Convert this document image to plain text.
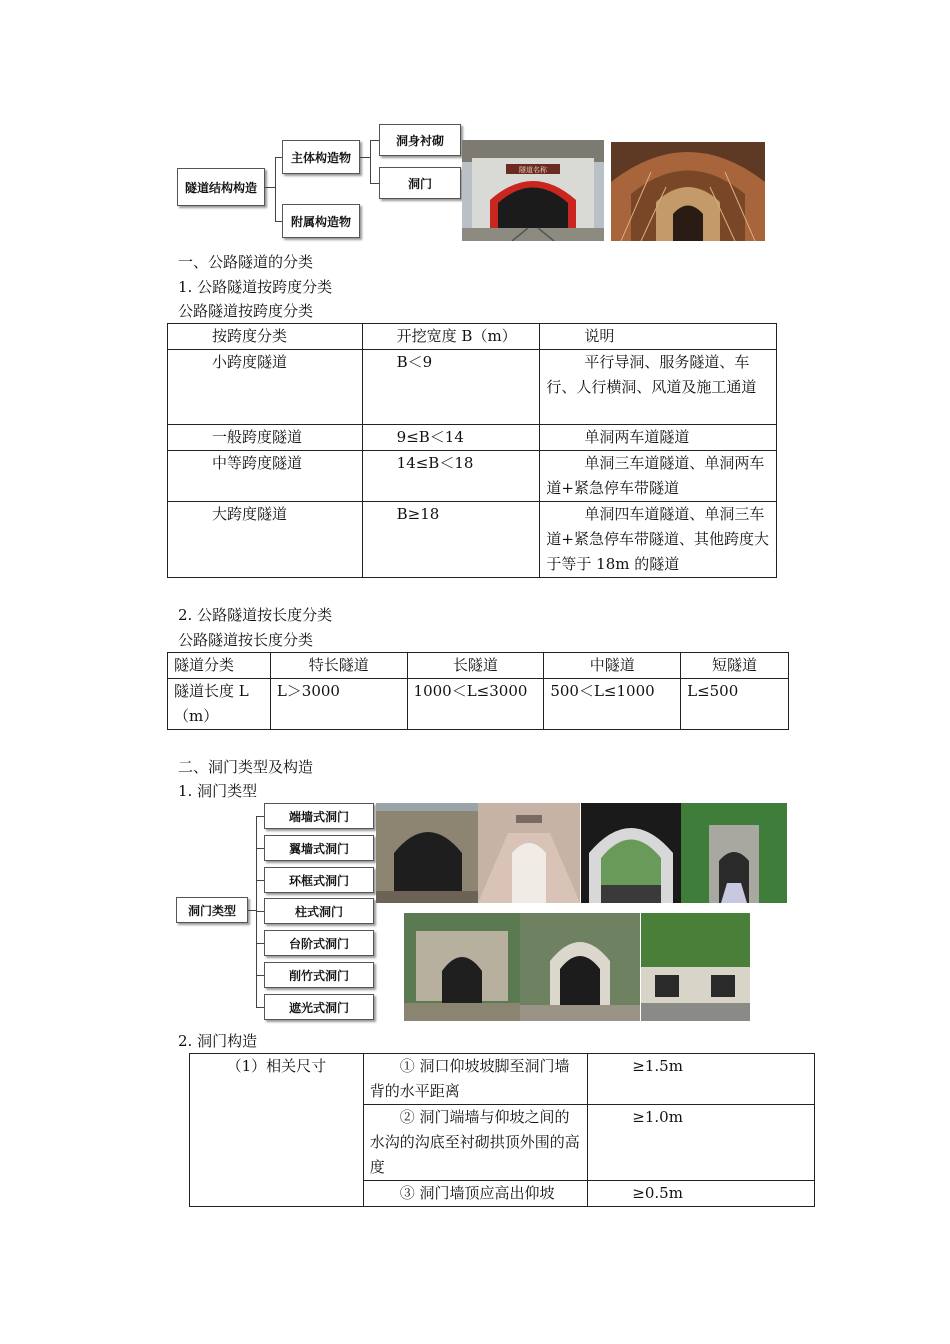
隧道结构构造
主体构造物
附属构造物
洞身衬砌
洞门
隧道名称
一、公路隧道的分类
1. 公路隧道按跨度分类
公路隧道按跨度分类
按跨度分类	开挖宽度 B（m）	说明
小跨度隧道	B＜9	平行导洞、服务隧道、车行、人行横洞、风道及施工通道
一般跨度隧道	9≤B＜14	单洞两车道隧道
中等跨度隧道	14≤B＜18	单洞三车道隧道、单洞两车道+紧急停车带隧道
大跨度隧道	B≥18	单洞四车道隧道、单洞三车道+紧急停车带隧道、其他跨度大于等于 18m 的隧道
2. 公路隧道按长度分类
公路隧道按长度分类
隧道分类	特长隧道	长隧道	中隧道	短隧道
隧道长度 L（m）	L＞3000	1000＜L≤3000	500＜L≤1000	L≤500
二、洞门类型及构造
1. 洞门类型
洞门类型
端墙式洞门
翼墙式洞门
环框式洞门
柱式洞门
台阶式洞门
削竹式洞门
遮光式洞门
2. 洞门构造
（1）相关尺寸	① 洞口仰坡坡脚至洞门墙背的水平距离	≥1.5m
	② 洞门端墙与仰坡之间的水沟的沟底至衬砌拱顶外围的高度	≥1.0m
	③ 洞门墙顶应高出仰坡	≥0.5m
